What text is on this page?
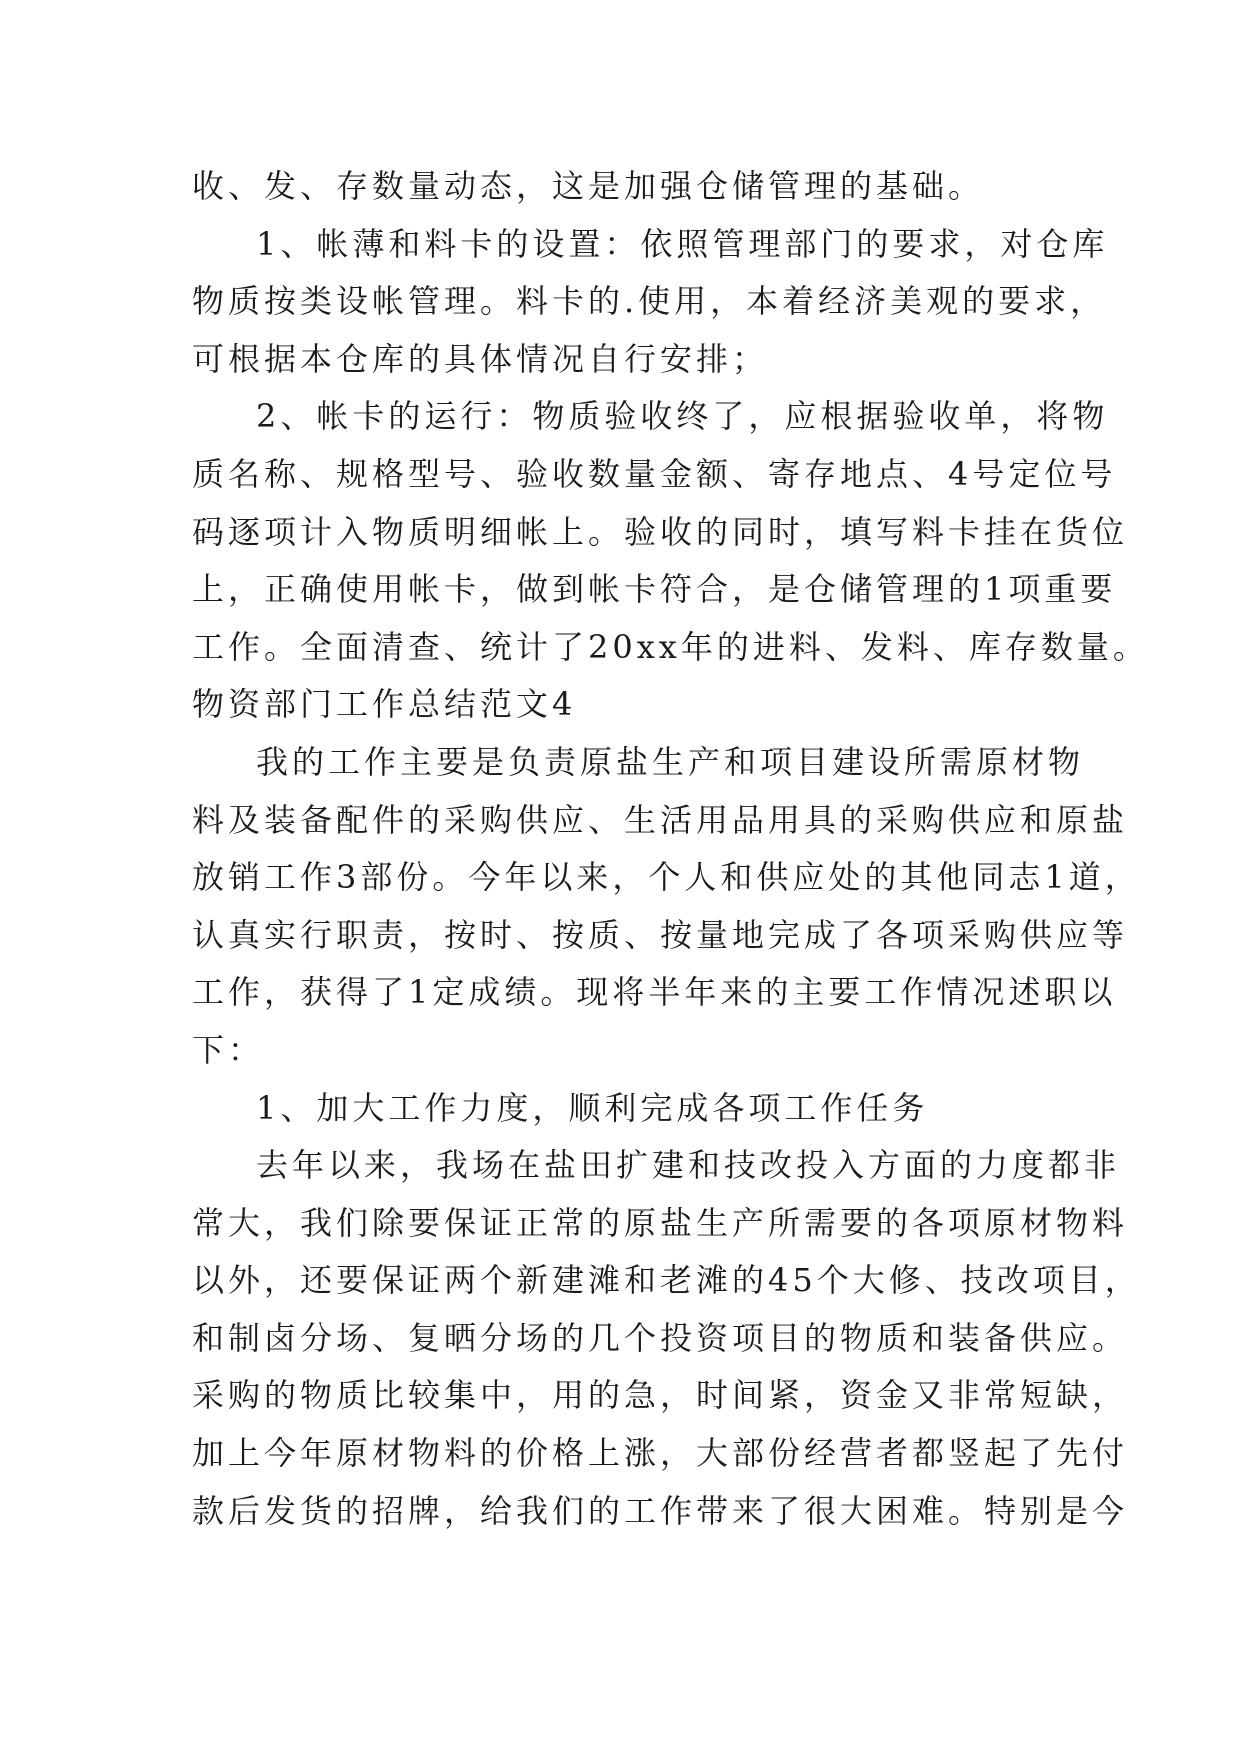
收、发、存数量动态，这是加强仓储管理的基础。
1、帐薄和料卡的设置：依照管理部门的要求，对仓库
物质按类设帐管理。料卡的.使用，本着经济美观的要求，
可根据本仓库的具体情况自行安排；
2、帐卡的运行：物质验收终了，应根据验收单，将物
质名称、规格型号、验收数量金额、寄存地点、4号定位号
码逐项计入物质明细帐上。验收的同时，填写料卡挂在货位
上，正确使用帐卡，做到帐卡符合，是仓储管理的1项重要
工作。全面清查、统计了20xx年的进料、发料、库存数量。
物资部门工作总结范文4
我的工作主要是负责原盐生产和项目建设所需原材物
料及装备配件的采购供应、生活用品用具的采购供应和原盐
放销工作3部份。今年以来，个人和供应处的其他同志1道，
认真实行职责，按时、按质、按量地完成了各项采购供应等
工作，获得了1定成绩。现将半年来的主要工作情况述职以
下：
1、加大工作力度，顺利完成各项工作任务
去年以来，我场在盐田扩建和技改投入方面的力度都非
常大，我们除要保证正常的原盐生产所需要的各项原材物料
以外，还要保证两个新建滩和老滩的45个大修、技改项目，
和制卤分场、复晒分场的几个投资项目的物质和装备供应。
采购的物质比较集中，用的急，时间紧，资金又非常短缺，
加上今年原材物料的价格上涨，大部份经营者都竖起了先付
款后发货的招牌，给我们的工作带来了很大困难。特别是今
